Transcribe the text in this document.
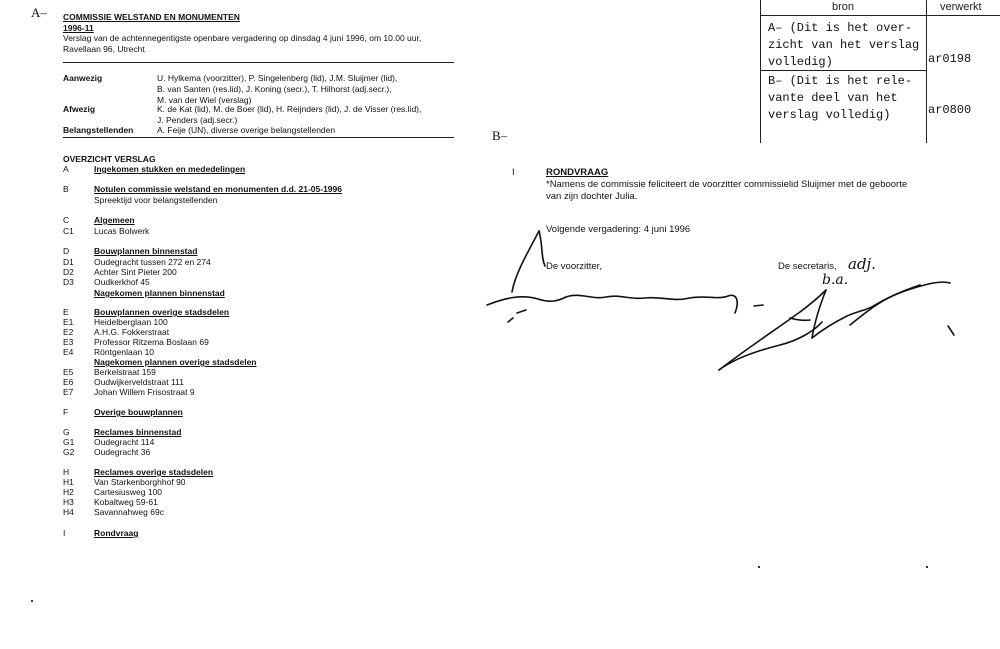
A–
B–
COMMISSIE WELSTAND EN MONUMENTEN
1996-11
Verslag van de achtennegentigste openbare vergadering op dinsdag 4 juni 1996, om 10.00 uur,
Ravellaan 96, Utrecht
Aanwezig	U. Hylkema (voorzitter), P. Singelenberg (lid), J.M. Sluijmer (lid),
B. van Santen (res.lid), J. Koning (secr.), T. Hilhorst (adj.secr.),
M. van der Wiel (verslag)
Afwezig	K. de Kat (lid), M. de Boer (lid), H. Reijnders (lid), J. de Visser (res.lid),
J. Penders (adj.secr.)
Belangstellenden	A. Feije (UN), diverse overige belangstellenden
OVERZICHT VERSLAG
A	Ingekomen stukken en mededelingen
B	Notulen commissie welstand en monumenten d.d. 21-05-1996
Spreektijd voor belangstellenden
C	Algemeen
C1 Lucas Bolwerk
D	Bouwplannen binnenstad
D1 Oudegracht tussen 272 en 274
D2 Achter Sint Pieter 200
D3 Oudkerkhof 45
Nagekomen plannen binnenstad
E	Bouwplannen overige stadsdelen
E1 Heidelberglaan 100
E2 A.H.G. Fokkerstraat
E3 Professor Ritzema Boslaan 69
E4 Röntgenlaan 10
Nagekomen plannen overige stadsdelen
E5 Berkelstraat 159
E6 Oudwijkerveldstraat 111
E7 Johan Willem Frisostraat 9
F	Overige bouwplannen
G	Reclames binnenstad
G1 Oudegracht 114
G2 Oudegracht 36
H	Reclames overige stadsdelen
H1 Van Starkenborghhof 90
H2 Cartesiusweg 100
H3 Kobaltweg 59-61
H4 Savannahweg 69c
I	Rondvraag
bron	verwerkt
A– (Dit is het over-
zicht van het verslag
volledig)	ar0198
B– (Dit is het rele-
vante deel van het
verslag volledig)	ar0800
I	RONDVRAAG
*Namens de commissie feliciteert de voorzitter commissielid Sluijmer met de geboorte
van zijn dochter Julia.
Volgende vergadering: 4 juni 1996
De voorzitter,	De secretaris, adj.
b.a.
